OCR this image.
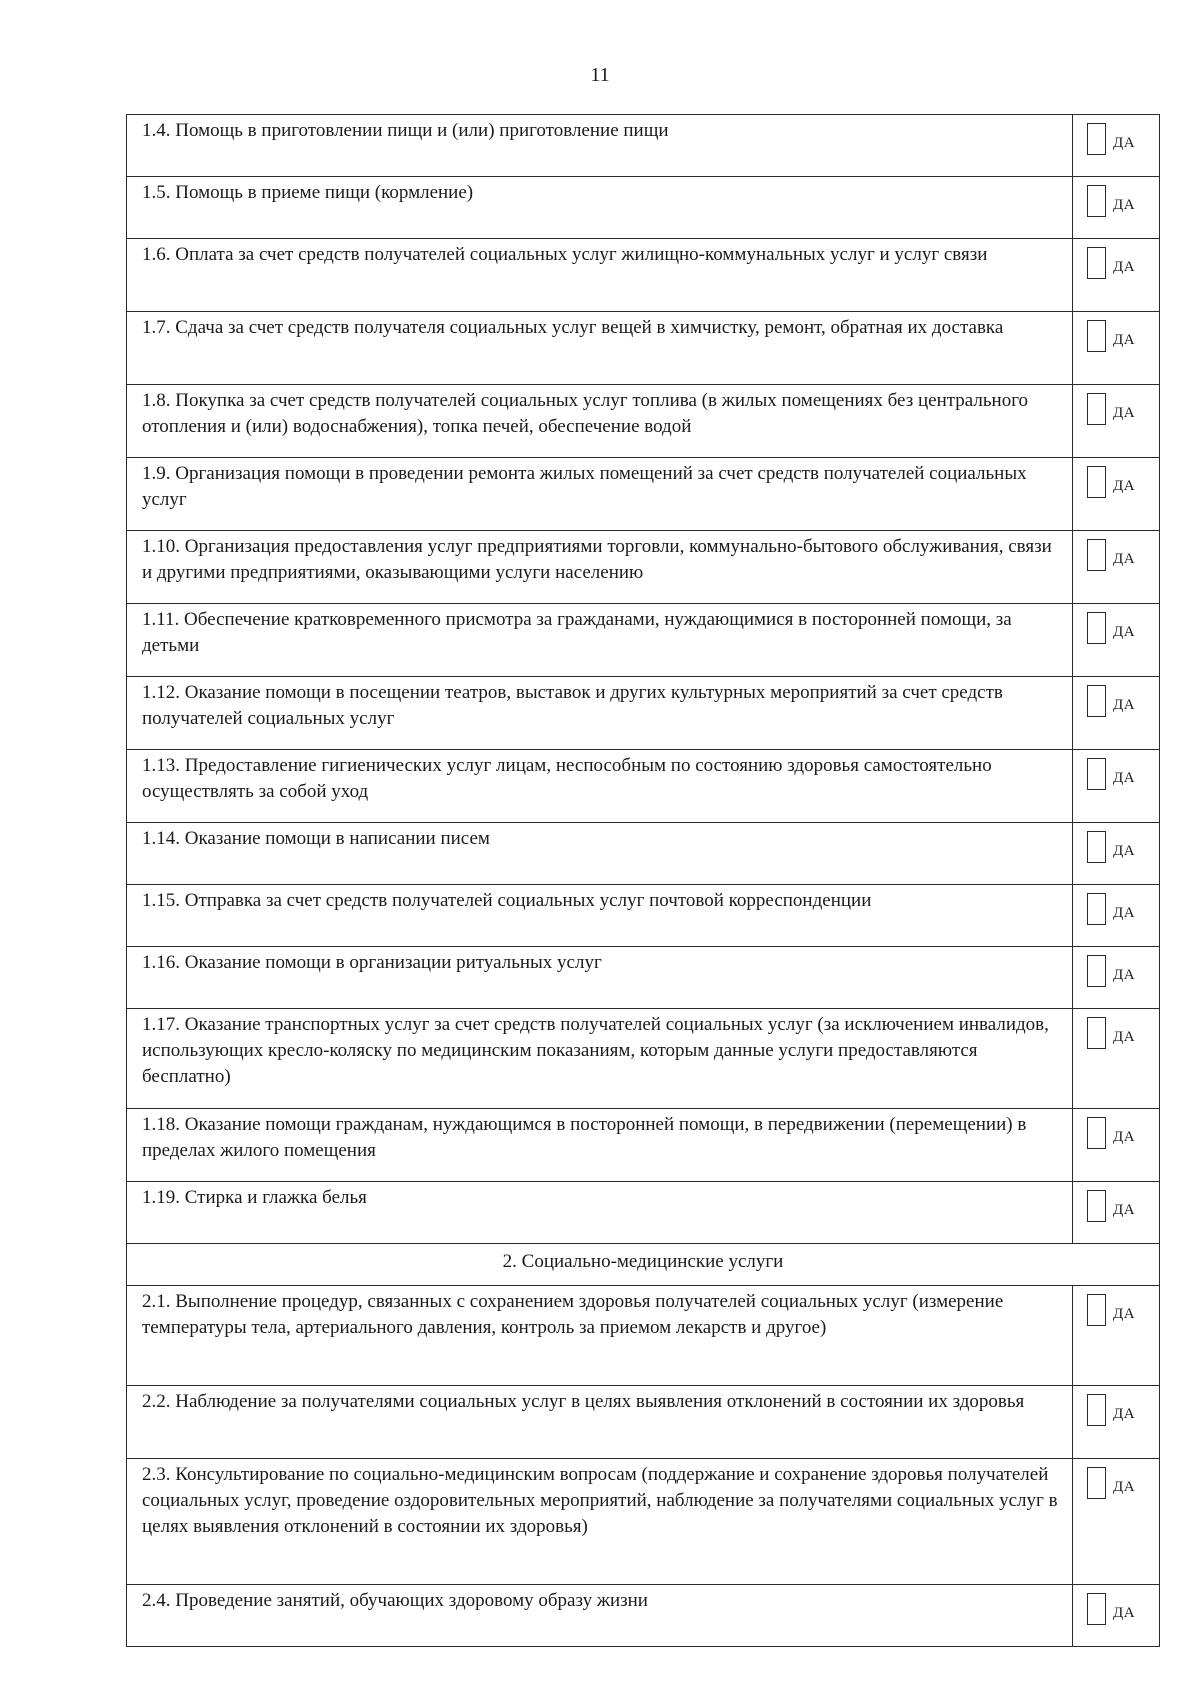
11
1.4. Помощь в приготовлении пищи и (или) приготовление пищи
ДА
1.5. Помощь в приеме пищи (кормление)
ДА
1.6. Оплата за счет средств получателей социальных услуг жилищно-коммунальных услуг и услуг связи
ДА
1.7. Сдача за счет средств получателя социальных услуг вещей в химчистку, ремонт, обратная их доставка
ДА
1.8. Покупка за счет средств получателей социальных услуг топлива (в жилых помещениях без центрального отопления и (или) водоснабжения), топка печей, обеспечение водой
ДА
1.9. Организация помощи в проведении ремонта жилых помещений за счет средств получателей социальных услуг
ДА
1.10. Организация предоставления услуг предприятиями торговли, коммунально-бытового обслуживания, связи и другими предприятиями, оказывающими услуги населению
ДА
1.11. Обеспечение кратковременного присмотра за гражданами, нуждающимися в посторонней помощи, за детьми
ДА
1.12. Оказание помощи в посещении театров, выставок и других культурных мероприятий за счет средств получателей социальных услуг
ДА
1.13. Предоставление гигиенических услуг лицам, неспособным по состоянию здоровья самостоятельно осуществлять за собой уход
ДА
1.14. Оказание помощи в написании писем
ДА
1.15. Отправка за счет средств получателей социальных услуг почтовой корреспонденции
ДА
1.16. Оказание помощи в организации ритуальных услуг
ДА
1.17. Оказание транспортных услуг за счет средств получателей социальных услуг (за исключением инвалидов, использующих кресло-коляску по медицинским показаниям, которым данные услуги предоставляются бесплатно)
ДА
1.18. Оказание помощи гражданам, нуждающимся в посторонней помощи, в передвижении (перемещении) в пределах жилого помещения
ДА
1.19. Стирка и глажка белья
ДА
2. Социально-медицинские услуги
2.1. Выполнение процедур, связанных с сохранением здоровья получателей социальных услуг (измерение температуры тела, артериального давления, контроль за приемом лекарств и другое)
ДА
2.2. Наблюдение за получателями социальных услуг в целях выявления отклонений в состоянии их здоровья
ДА
2.3. Консультирование по социально-медицинским вопросам (поддержание и сохранение здоровья получателей социальных услуг, проведение оздоровительных мероприятий, наблюдение за получателями социальных услуг в целях выявления отклонений в состоянии их здоровья)
ДА
2.4. Проведение занятий, обучающих здоровому образу жизни
ДА
